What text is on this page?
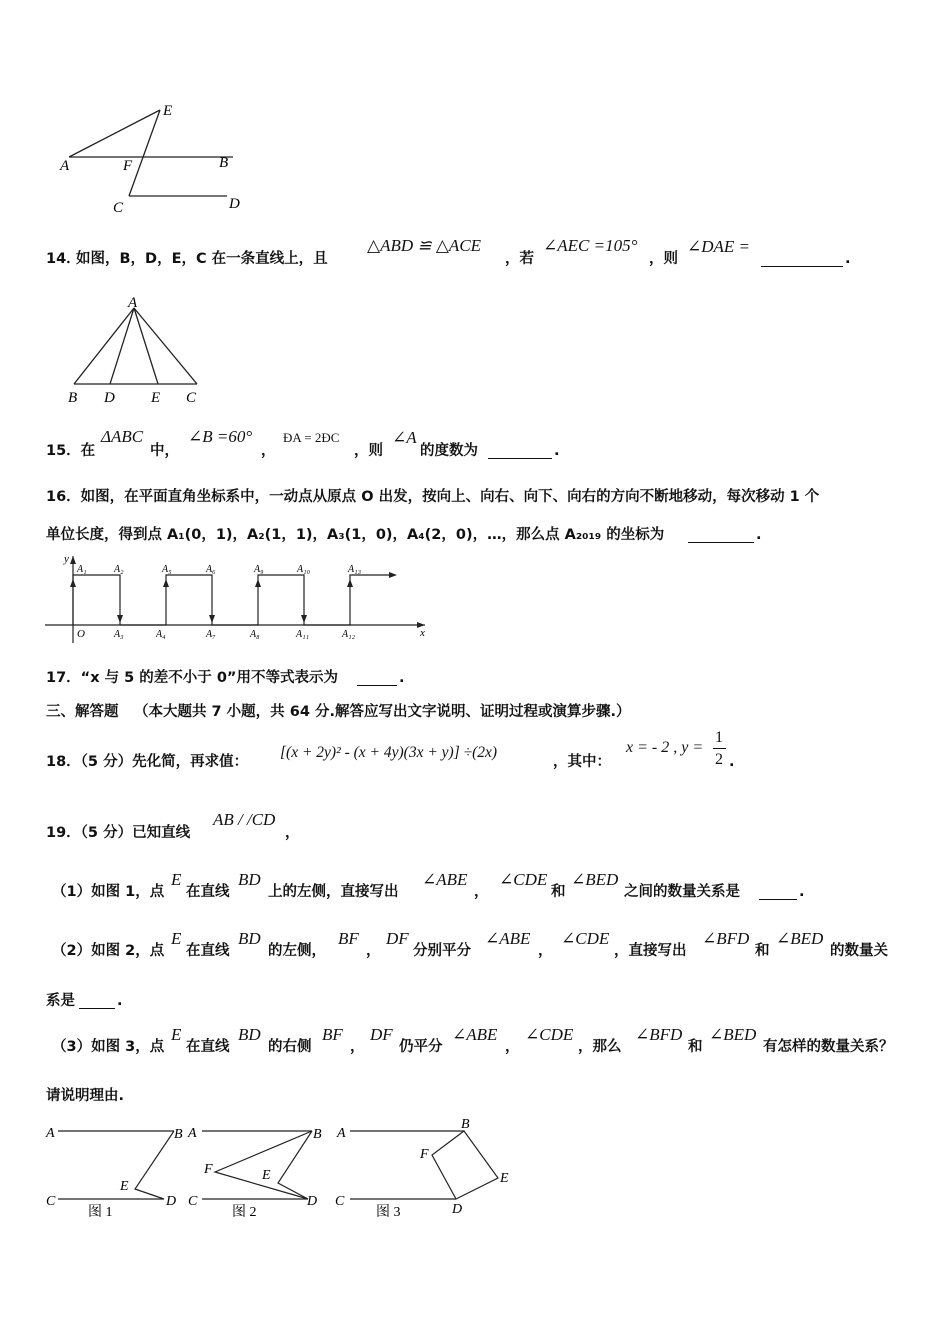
E
A	F	B
C	D
14．
如图，B，D，E，C 在一条直线上，且
△ABD ≌ △ACE
，若
∠AEC =105°
，则
∠DAE =
.
A
B D E C
15．在
ΔABC
中，
∠B =60°
，
ÐA = 2ÐC
，则
∠A
的度数为	.
16．如图，在平面直角坐标系中，一动点从原点 O 出发，按向上、向右、向下、向右的方向不断地移动，每次移动 1 个
单位长度，得到点 A₁(0，1)，A₂(1，1)，A₃(1，0)，A₄(2，0)，…，那么点 A₂₀₁₉ 的坐标为	.
x
y
O
A₁	A₂	A₅	A₆	A₉	A₁₀	A₁₃
A₃	A₄	A₇	A₈	A₁₁	A₁₂
17．“x 与 5 的差不小于 0”用不等式表示为	.
三、解答题 （本大题共 7 小题，共 64 分.解答应写出文字说明、证明过程或演算步骤.）
18．（5 分）先化简，再求值：
[(x + 2y)² - (x + 4y)(3x + y)] ÷(2x)
，其中：
x = - 2 , y =
1
2 .
19．（5 分）已知直线
AB / /CD
，
（1）如图 1，点
E
在直线
BD
上的左侧，直接写出
∠ABE
，
∠CDE
和
∠BED
之间的数量关系是	.
（2）如图 2，点
E
在直线
BD
的左侧，
BF
，
DF
分别平分
∠ABE
，
∠CDE
，直接写出
∠BFD
和
∠BED
的数量关
系是	.
（3）如图 3，点
E
在直线
BD
的右侧
BF
，
DF
仍平分
∠ABE
，
∠CDE
，那么
∠BFD
和
∠BED
有怎样的数量关系？
请说明理由.
A	B
C
E
D
图 1
A	B
F	E
C	D
图 2
A
B
F
E
C
D
图 3
